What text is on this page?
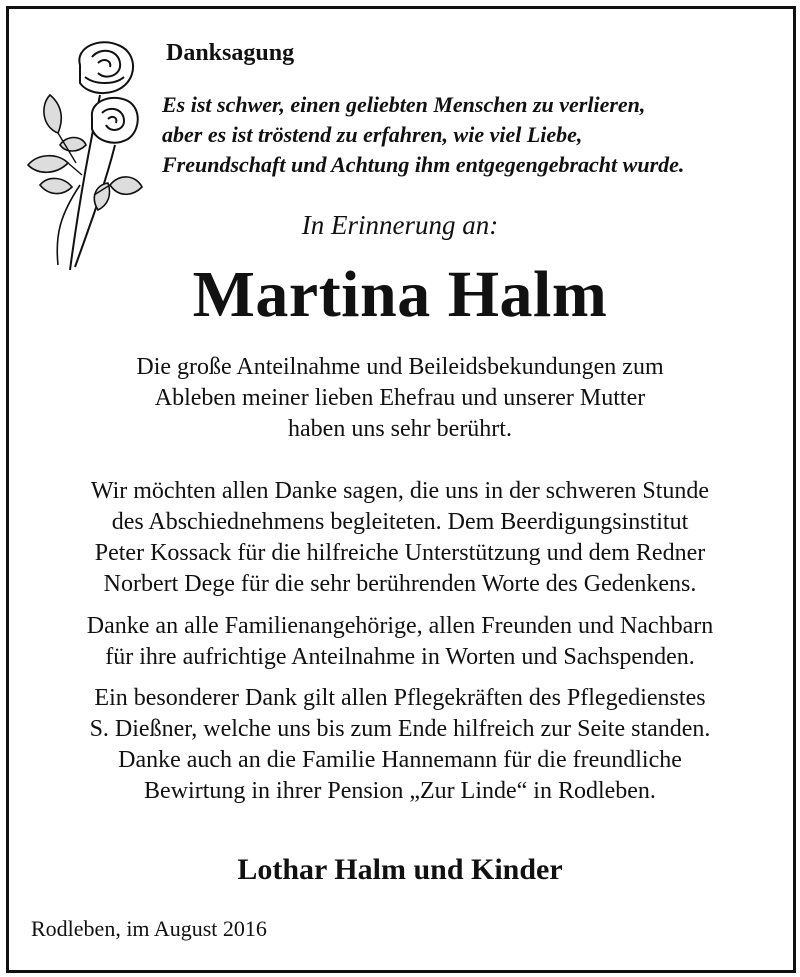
Danksagung

Es ist schwer, einen geliebten Menschen zu verlieren,
aber es ist tröstend zu erfahren, wie viel Liebe,
Freundschaft und Achtung ihm entgegengebracht wurde.

In Erinnerung an:

Martina Halm

Die große Anteilnahme und Beileidsbekundungen zum
Ableben meiner lieben Ehefrau und unserer Mutter
haben uns sehr berührt.

Wir möchten allen Danke sagen, die uns in der schweren Stunde
des Abschiednehmens begleiteten. Dem Beerdigungsinstitut
Peter Kossack für die hilfreiche Unterstützung und dem Redner
Norbert Dege für die sehr berührenden Worte des Gedenkens.

Danke an alle Familienangehörige, allen Freunden und Nachbarn
für ihre aufrichtige Anteilnahme in Worten und Sachspenden.

Ein besonderer Dank gilt allen Pflegekräften des Pflegedienstes
S. Dießner, welche uns bis zum Ende hilfreich zur Seite standen.
Danke auch an die Familie Hannemann für die freundliche
Bewirtung in ihrer Pension „Zur Linde“ in Rodleben.

Lothar Halm und Kinder

Rodleben, im August 2016
